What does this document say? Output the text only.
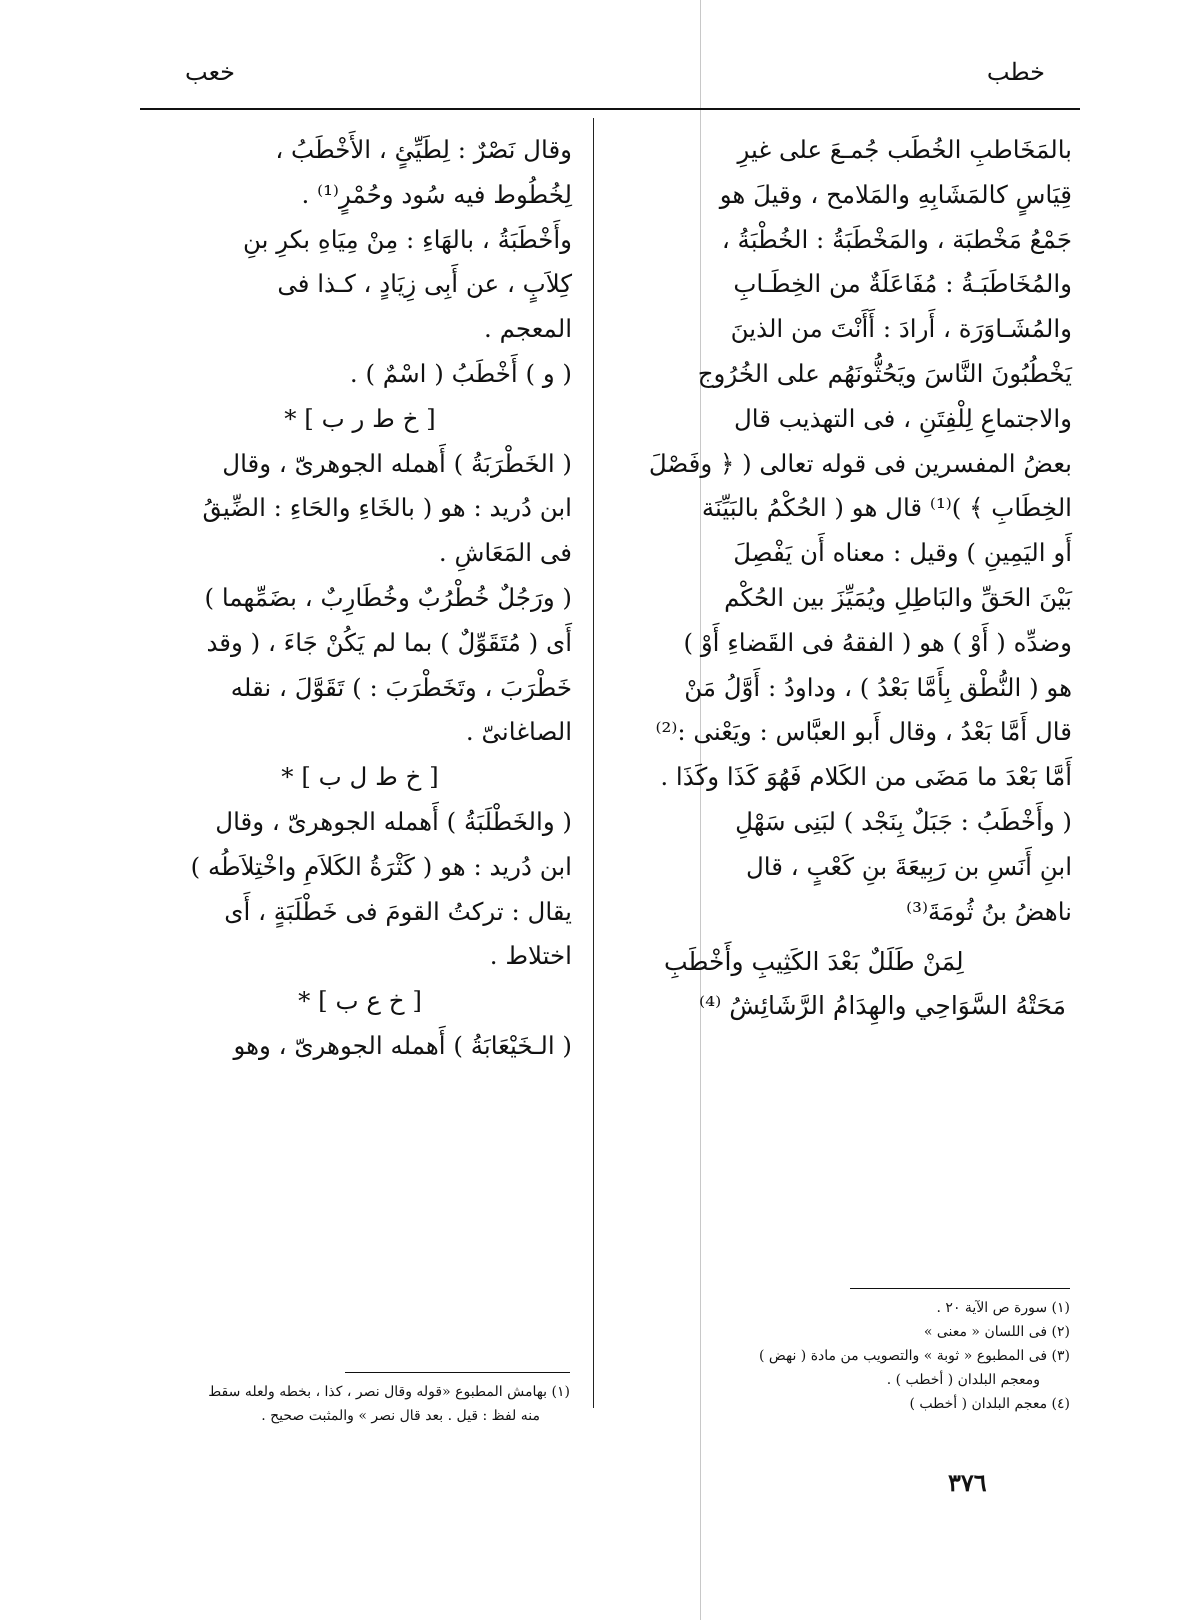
خطب
خعب

بالمَخَاطبِ الخُطَب جُمـعَ على غيرِ

قِيَاسٍ كالمَشَابِهِ والمَلامح ، وقيلَ هو

جَمْعُ مَخْطبَة ، والمَخْطَبَةُ : الخُطْبَةُ ،

والمُخَاطَبَـةُ : مُفَاعَلَةٌ من الخِطَـابِ

والمُشَـاوَرَة ، أَرادَ : أَأَنْتَ من الذينَ

يَخْطُبُونَ النَّاسَ ويَحُثُّونَهُم على الخُرُوج

والاجتماعِ لِلْفِتَنِ ، فى التهذيب قال

بعضُ المفسرين فى قوله تعالى ( ﴿ وفَصْلَ

الخِطَابِ ﴾ )⁽¹⁾ قال هو ( الحُكْمُ بالبَيِّنَة

أَو اليَمِينِ ) وقيل : معناه أَن يَفْصِلَ

بَيْنَ الحَقِّ والبَاطِلِ ويُمَيِّزَ بين الحُكْم

وضدِّه ( أَوْ ) هو ( الفقهُ فى القَضاءِ أَوْ )

هو ( النُّطْق بِأَمَّا بَعْدُ ) ، وداودُ : أَوَّلُ مَنْ

قال أَمَّا بَعْدُ ، وقال أَبو العبَّاس : ويَعْنى :⁽²⁾

أَمَّا بَعْدَ ما مَضَى من الكَلام فَهُوَ كَذَا وكَذَا .

( وأَخْطَبُ : جَبَلٌ بِنَجْد ) لبَنِى سَهْلِ

ابنِ أَنَسِ بن رَبِيعَةَ بنِ كَعْبٍ ، قال

ناهضُ بنُ ثُومَةَ⁽³⁾

لِمَنْ طَلَلٌ بَعْدَ الكَثِيبِ وأَخْطَبِ

مَحَتْهُ السَّوَاحِي والهِدَامُ الرَّشَائِشُ ⁽⁴⁾

وقال نَصْرٌ : لِطَيِّئٍ ، الأَخْطَبُ ،

لِخُطُوط فيه سُود وحُمْرٍ⁽¹⁾ .

وأَخْطَبَةُ ، بالهَاءِ : مِنْ مِيَاهِ بكرِ بنِ

كِلاَبٍ ، عن أَبِى زِيَادٍ ، كـذا فى

المعجم .

( و ) أَخْطَبُ ( اسْمٌ ) .

[ خ ط ر ب ] *

( الخَطْرَبَةُ ) أَهمله الجوهرىّ ، وقال

ابن دُريد : هو ( بالخَاءِ والحَاءِ : الضِّيقُ

فى المَعَاشِ .

( ورَجُلٌ خُطْرُبٌ وخُطَارِبٌ ، بضَمِّهما )

أَى ( مُتَقَوِّلٌ ) بما لم يَكُنْ جَاءَ ، ( وقد

خَطْرَبَ ، وتَخَطْرَبَ : ) تَقَوَّلَ ، نقله

الصاغانىّ .

[ خ ط ل ب ] *

( والخَطْلَبَةُ ) أَهمله الجوهرىّ ، وقال

ابن دُريد : هو ( كَثْرَةُ الكَلاَمِ واخْتِلاَطُه )

يقال : تركتُ القومَ فى خَطْلَبَةٍ ، أَى

اختلاط .

[ خ ع ب ] *

( الـخَيْعَابَةُ ) أَهمله الجوهرىّ ، وهو

(١) سورة ص الآية ٢٠ .

(٢) فى اللسان « معنى »

(٣) فى المطبوع « ثوبة » والتصويب من مادة ( نهض )

ومعجم البلدان ( أخطب ) .

(٤) معجم البلدان ( أخطب )

(١) بهامش المطبوع «قوله وقال نصر ، كذا ، بخطه ولعله سقط

منه لفظ : قيل . بعد قال نصر » والمثبت صحيح .

٣٧٦
